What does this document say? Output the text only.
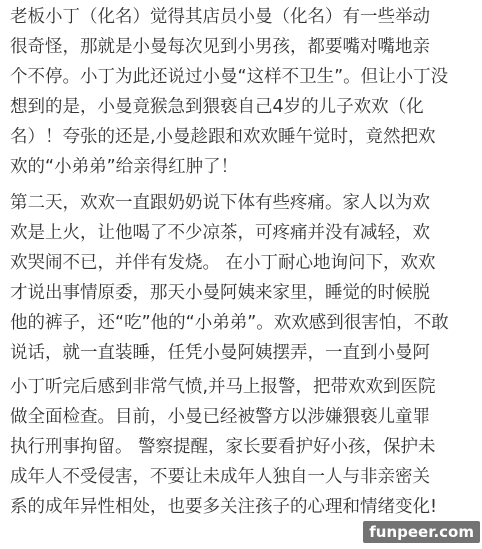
老板小丁（化名）觉得其店员小曼（化名）有一些举动
很奇怪，那就是小曼每次见到小男孩，都要嘴对嘴地亲
个不停。小丁为此还说过小曼“这样不卫生”。但让小丁没
想到的是，小曼竟猴急到猥亵自己4岁的儿子欢欢（化
名）！夸张的还是,小曼趁跟和欢欢睡午觉时，竟然把欢
欢的“小弟弟”给亲得红肿了！
第二天，欢欢一直跟奶奶说下体有些疼痛。家人以为欢
欢是上火，让他喝了不少凉茶，可疼痛并没有减轻，欢
欢哭闹不已，并伴有发烧。 在小丁耐心地询问下，欢欢
才说出事情原委，那天小曼阿姨来家里，睡觉的时候脱
他的裤子，还“吃”他的“小弟弟”。欢欢感到很害怕，不敢
说话，就一直装睡，任凭小曼阿姨摆弄，一直到小曼阿
小丁听完后感到非常气愤,并马上报警，把带欢欢到医院
做全面检查。目前，小曼已经被警方以涉嫌猥亵儿童罪
执行刑事拘留。 警察提醒，家长要看护好小孩，保护未
成年人不受侵害，不要让未成年人独自一人与非亲密关
系的成年异性相处，也要多关注孩子的心理和情绪变化!
funpeer.com
